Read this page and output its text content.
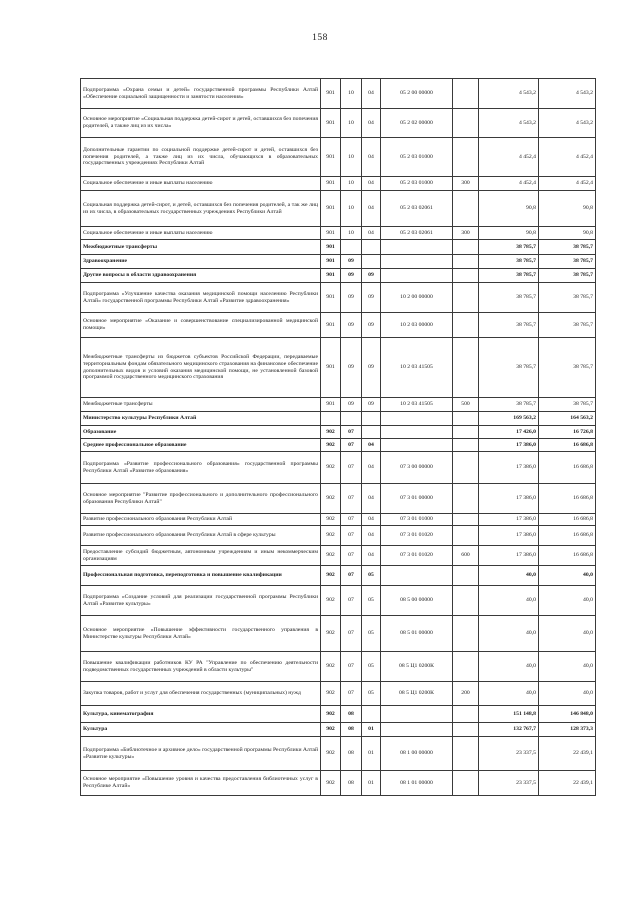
158
Подпрограмма «Охрана семьи и детей» государственной программы Республики Алтай «Обеспечение социальной защищенности и занятости населения»	901	10	04	05 2 00 00000		4 543,2	4 543,2
Основное мероприятие «Социальная поддержка детей-сирот и детей, оставшихся без попечения родителей, а также лиц из их числа»	901	10	04	05 2 02 00000		4 543,2	4 543,2
Дополнительные гарантии по социальной поддержке детей-сирот и детей, оставшихся без попечения родителей, а также лиц из их числа, обучающихся в образовательных государственных учреждениях Республики Алтай	901	10	04	05 2 03 01000		4 452,4	4 452,4
Социальное обеспечение и иные выплаты населению	901	10	04	05 2 03 01000	300	4 452,4	4 452,4
Социальная поддержка детей-сирот, и детей, оставшихся без попечения родителей, а так же лиц из их числа, в образовательных государственных учреждениях Республики Алтай	901	10	04	05 2 03 02061		90,8	90,8
Социальное обеспечение и иные выплаты населению	901	10	04	05 2 03 02061	300	90,8	90,8
Межбюджетные трансферты	901					38 785,7	38 785,7
Здравоохранение	901	09				38 785,7	38 785,7
Другие вопросы в области здравоохранения	901	09	09			38 785,7	38 785,7
Подпрограмма «Улучшение качества оказания медицинской помощи населению Республики Алтай» государственной программы Республики Алтай «Развитие здравоохранения»	901	09	09	10 2 00 00000		38 785,7	38 785,7
Основное мероприятие «Оказание и совершенствование специализированной медицинской помощи»	901	09	09	10 2 03 00000		38 785,7	38 785,7
Межбюджетные трансферты из бюджетов субъектов Российской Федерации, передаваемые территориальным фондам обязательного медицинского страхования на финансовое обеспечение дополнительных видов и условий оказания медицинской помощи, не установленной базовой программой государственного медицинского страхования	901	09	09	10 2 03 41505		38 785,7	38 785,7
Межбюджетные трансферты	901	09	09	10 2 03 41505	500	38 785,7	38 785,7
Министерство культуры Республики Алтай						169 563,2	164 563,2
Образование	902	07				17 426,0	16 726,8
Среднее профессиональное образование	902	07	04			17 386,0	16 686,8
Подпрограмма «Развитие профессионального образования» государственной программы Республики Алтай «Развитие образования»	902	07	04	07 3 00 00000		17 386,0	16 686,8
Основное мероприятие "Развитие профессионального и дополнительного профессионального образования Республики Алтай"	902	07	04	07 3 01 00000		17 386,0	16 686,8
Развитие профессионального образования Республики Алтай	902	07	04	07 3 01 01000		17 386,0	16 686,8
Развитие профессионального образования Республики Алтай в сфере культуры	902	07	04	07 3 01 01020		17 386,0	16 686,8
Предоставление субсидий бюджетным, автономным учреждениям и иным некоммерческим организациям	902	07	04	07 3 01 01020	600	17 386,0	16 686,8
Профессиональная подготовка, переподготовка и повышение квалификации	902	07	05			40,0	40,0
Подпрограмма «Создание условий для реализации государственной программы Республики Алтай «Развитие культуры»	902	07	05	08 5 00 00000		40,0	40,0
Основное мероприятие «Повышение эффективности государственного управления в Министерстве культуры Республики Алтай»	902	07	05	08 5 01 00000		40,0	40,0
Повышение квалификации работников КУ РА "Управление по обеспечению деятельности подведомственных государственных учреждений в области культуры"	902	07	05	08 5 Ц1 0200К		40,0	40,0
Закупка товаров, работ и услуг для обеспечения государственных (муниципальных) нужд	902	07	05	08 5 Ц1 0200К	200	40,0	40,0
Культура, кинематография	902	08				151 148,8	146 848,0
Культура	902	08	01			132 767,7	128 373,3
Подпрограмма «Библиотечное и архивное дело» государственной программы Республики Алтай «Развитие культуры»	902	08	01	08 1 00 00000		23 337,5	22 439,1
Основное мероприятие «Повышение уровня и качества предоставления библиотечных услуг в Республике Алтай»	902	08	01	08 1 01 00000		23 337,5	22 439,1
